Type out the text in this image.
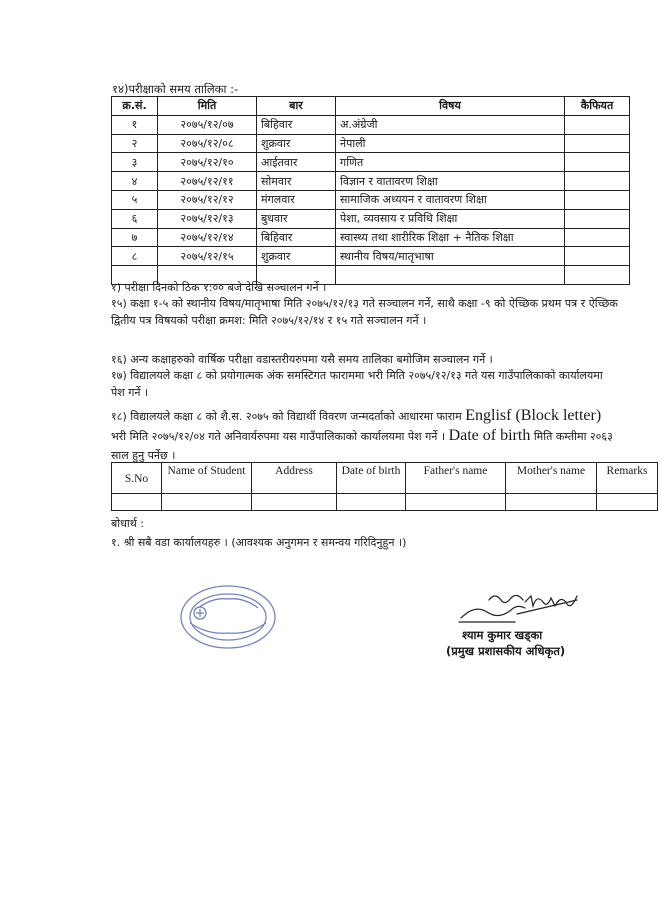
१४)परीक्षाको समय तालिका :-
क्र.सं.	मिति	बार	विषय	कैफियत
१	२०७५/१२/०७	बिहिवार	अ.अंग्रेजी	
२	२०७५/१२/०८	शुक्रवार	नेपाली	
३	२०७५/१२/१०	आईतवार	गणित	
४	२०७५/१२/११	सोमवार	विज्ञान र वातावरण शिक्षा	
५	२०७५/१२/१२	मंगलवार	सामाजिक अध्ययन र वातावरण शिक्षा	
६	२०७५/१२/१३	बुधवार	पेशा, व्यवसाय र प्रविधि शिक्षा	
७	२०७५/१२/१४	बिहिवार	स्वास्थ्य तथा शारीरिक शिक्षा + नैतिक शिक्षा	
८	२०७५/१२/१५	शुक्रवार	स्थानीय विषय/मातृभाषा	

१) परीक्षा दिनको ठिक १:०० बजे देखि सञ्चालन गर्ने ।
१५) कक्षा १-५ को स्थानीय विषय/मातृभाषा मिति २०७५/१२/१३ गते सञ्चालन गर्ने, साथै कक्षा -९ को ऐच्छिक प्रथम पत्र र ऐच्छिक द्वितीय पत्र विषयको परीक्षा क्रमश: मिति २०७५/१२/१४ र १५ गते सञ्चालन गर्ने ।
१६) अन्य कक्षाहरुको वार्षिक परीक्षा वडास्तरीयरुपमा यसै समय तालिका बमोजिम सञ्चालन गर्ने ।
१७) विद्यालयले कक्षा ८ को प्रयोगात्मक अंक समस्टिगत फाराममा भरी मिति २०७५/१२/१३ गते यस गाउँपालिकाको कार्यालयमा पेश गर्ने ।
१८) विद्यालयले कक्षा ८ को शै.स. २०७५ को विद्यार्थी विवरण जन्मदर्ताको आधारमा फाराम Englisf (Block letter) भरी मिति २०७५/१२/०४ गते अनिवार्यरुपमा यस गाउँपालिकाको कार्यालयमा पेश गर्ने । Date of birth मिति कम्तीमा २०६३ साल हुनु पर्नेछ ।
S.No	Name of Student	Address	Date of birth	Father's name	Mother's name	Remarks

बोधार्थ :
१. श्री सबै वडा कार्यालयहरु । (आवश्यक अनुगमन र समन्वय गरिदिनुहुन ।)
श्याम कुमार खड्का
(प्रमुख प्रशासकीय अधिकृत)
